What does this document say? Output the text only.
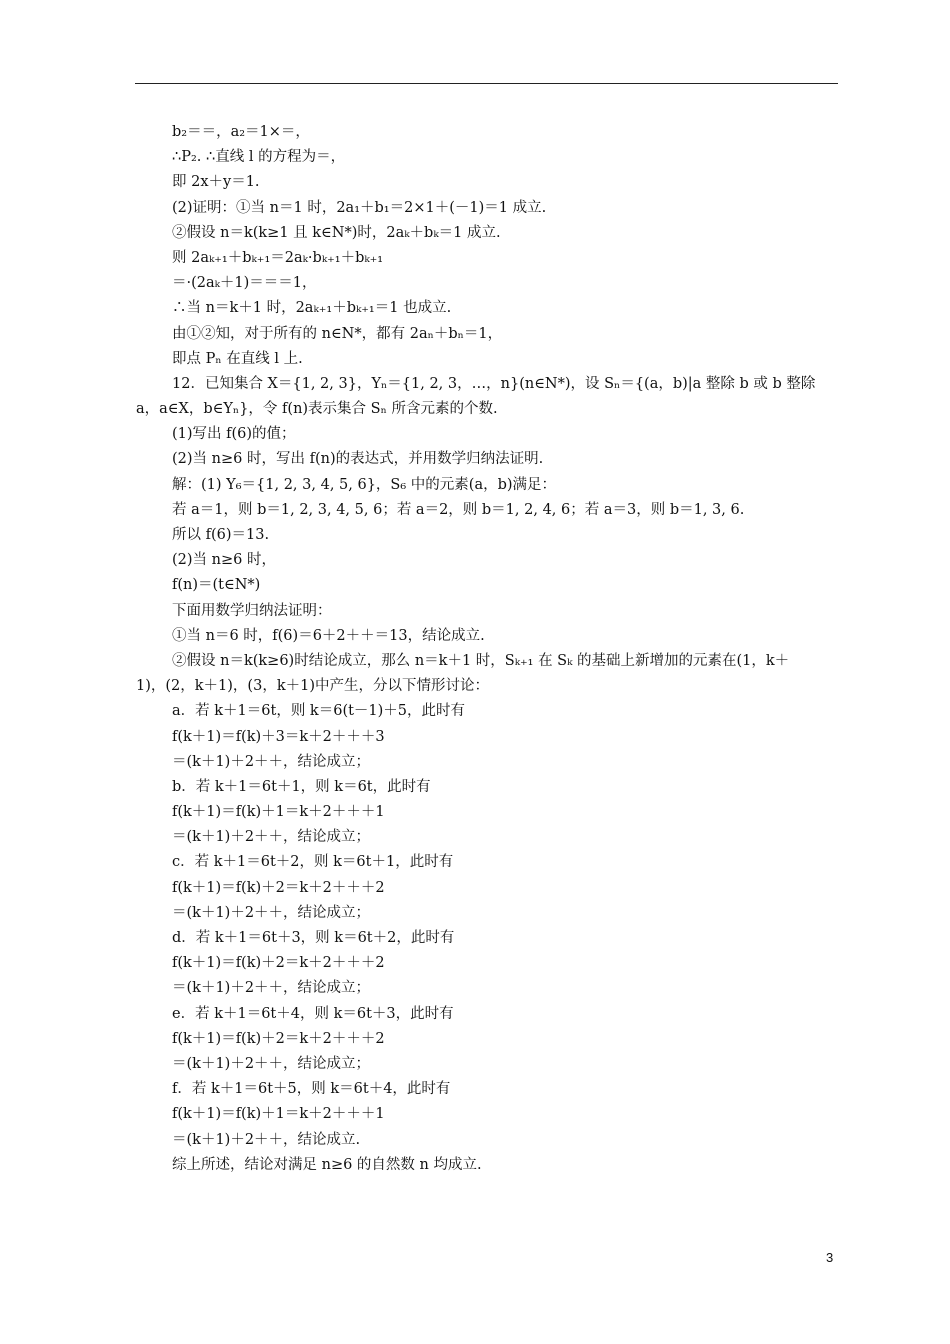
b₂＝＝，a₂＝1×＝，
∴P₂. ∴直线 l 的方程为＝，
即 2x＋y＝1.
(2)证明：①当 n＝1 时，2a₁＋b₁＝2×1＋(－1)＝1 成立.
②假设 n＝k(k≥1 且 k∈N*)时，2aₖ＋bₖ＝1 成立.
则 2aₖ₊₁＋bₖ₊₁＝2aₖ·bₖ₊₁＋bₖ₊₁
＝·(2aₖ＋1)＝＝＝1，
∴当 n＝k＋1 时，2aₖ₊₁＋bₖ₊₁＝1 也成立.
由①②知，对于所有的 n∈N*，都有 2aₙ＋bₙ＝1，
即点 Pₙ 在直线 l 上.
12．已知集合 X＝{1, 2, 3}，Yₙ＝{1, 2, 3，…，n}(n∈N*)，设 Sₙ＝{(a，b)|a 整除 b 或 b 整除
a，a∈X，b∈Yₙ}，令 f(n)表示集合 Sₙ 所含元素的个数.
(1)写出 f(6)的值；
(2)当 n≥6 时，写出 f(n)的表达式，并用数学归纳法证明.
解：(1) Y₆＝{1, 2, 3, 4, 5, 6}，S₆ 中的元素(a，b)满足：
若 a＝1，则 b＝1, 2, 3, 4, 5, 6；若 a＝2，则 b＝1, 2, 4, 6；若 a＝3，则 b＝1, 3, 6.
所以 f(6)＝13.
(2)当 n≥6 时，
f(n)＝(t∈N*)
下面用数学归纳法证明：
①当 n＝6 时，f(6)＝6＋2＋＋＝13，结论成立.
②假设 n＝k(k≥6)时结论成立，那么 n＝k＋1 时，Sₖ₊₁ 在 Sₖ 的基础上新增加的元素在(1，k＋
1)，(2，k＋1)，(3，k＋1)中产生，分以下情形讨论：
a．若 k＋1＝6t，则 k＝6(t－1)＋5，此时有
f(k＋1)＝f(k)＋3＝k＋2＋＋＋3
＝(k＋1)＋2＋＋，结论成立；
b．若 k＋1＝6t＋1，则 k＝6t，此时有
f(k＋1)＝f(k)＋1＝k＋2＋＋＋1
＝(k＋1)＋2＋＋，结论成立；
c．若 k＋1＝6t＋2，则 k＝6t＋1，此时有
f(k＋1)＝f(k)＋2＝k＋2＋＋＋2
＝(k＋1)＋2＋＋，结论成立；
d．若 k＋1＝6t＋3，则 k＝6t＋2，此时有
f(k＋1)＝f(k)＋2＝k＋2＋＋＋2
＝(k＋1)＋2＋＋，结论成立；
e．若 k＋1＝6t＋4，则 k＝6t＋3，此时有
f(k＋1)＝f(k)＋2＝k＋2＋＋＋2
＝(k＋1)＋2＋＋，结论成立；
f．若 k＋1＝6t＋5，则 k＝6t＋4，此时有
f(k＋1)＝f(k)＋1＝k＋2＋＋＋1
＝(k＋1)＋2＋＋，结论成立.
综上所述，结论对满足 n≥6 的自然数 n 均成立.
3
